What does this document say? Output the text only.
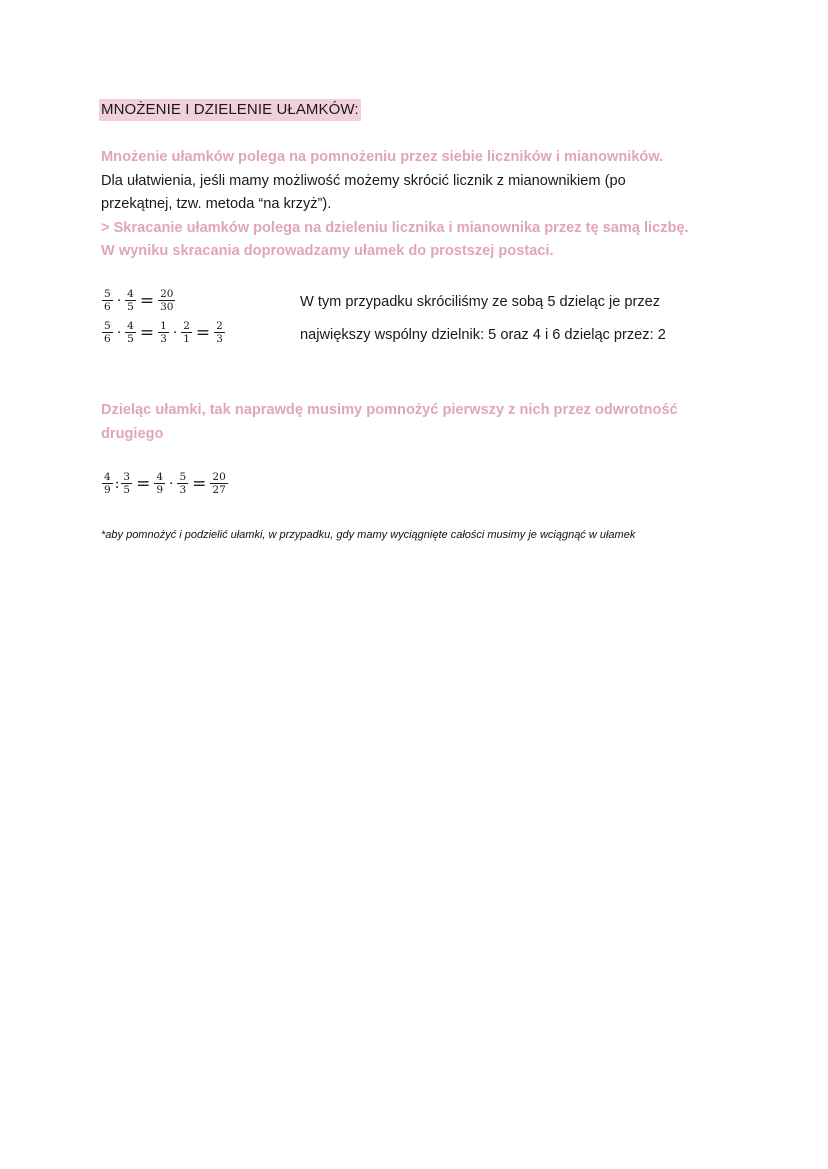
MNOŻENIE I DZIELENIE UŁAMKÓW:
Mnożenie ułamków polega na pomnożeniu przez siebie liczników i mianowników.
Dla ułatwienia, jeśli mamy możliwość możemy skrócić licznik z mianownikiem (po
przekątnej, tzw. metoda “na krzyż”).
> Skracanie ułamków polega na dzieleniu licznika i mianownika przez tę samą liczbę.
W wyniku skracania doprowadzamy ułamek do prostszej postaci.
$\frac{5}{6} \cdot \frac{4}{5} = \frac{20}{30}$
$\frac{5}{6} \cdot \frac{4}{5} = \frac{1}{3} \cdot \frac{2}{1} = \frac{2}{3}$
W tym przypadku skróciliśmy ze sobą 5 dzieląc je przez
największy wspólny dzielnik: 5 oraz 4 i 6 dzieląc przez: 2
Dzieląc ułamki, tak naprawdę musimy pomnożyć pierwszy z nich przez odwrotność
drugiego
$\frac{4}{9}$ : $\frac{3}{5} = \frac{4}{9} \cdot \frac{5}{3} = \frac{20}{27}$
*aby pomnożyć i podzielić ułamki, w przypadku, gdy mamy wyciągnięte całości musimy je wciągnąć w ułamek
